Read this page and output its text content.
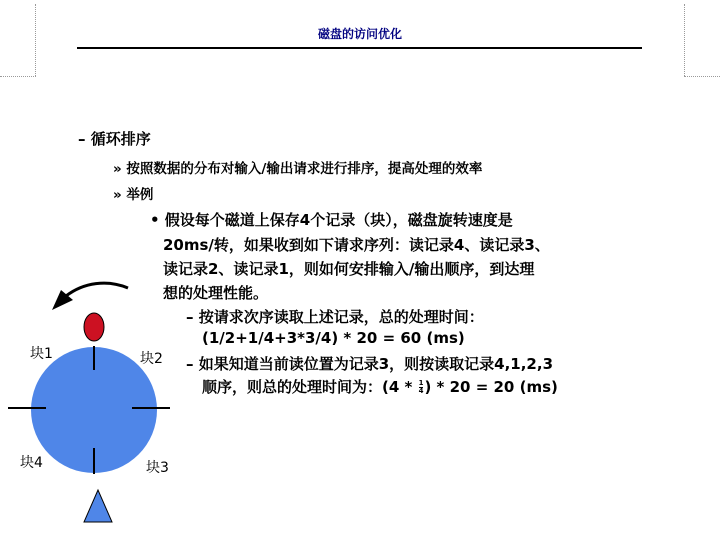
磁盘的访问优化
– 循环排序
» 按照数据的分布对输入/输出请求进行排序，提高处理的效率
» 举例
• 假设每个磁道上保存4个记录（块），磁盘旋转速度是
20ms/转，如果收到如下请求序列：读记录4、读记录3、
读记录2、读记录1，则如何安排输入/输出顺序，到达理
想的处理性能。
– 按请求次序读取上述记录，总的处理时间：
(1/2+1/4+3*3/4) * 20 = 60 (ms)
– 如果知道当前读位置为记录3，则按读取记录4,1,2,3
顺序，则总的处理时间为：($4 * \frac{1}{4}$ ) * 20 = 20 (ms)
块1	块2
块3
块4
